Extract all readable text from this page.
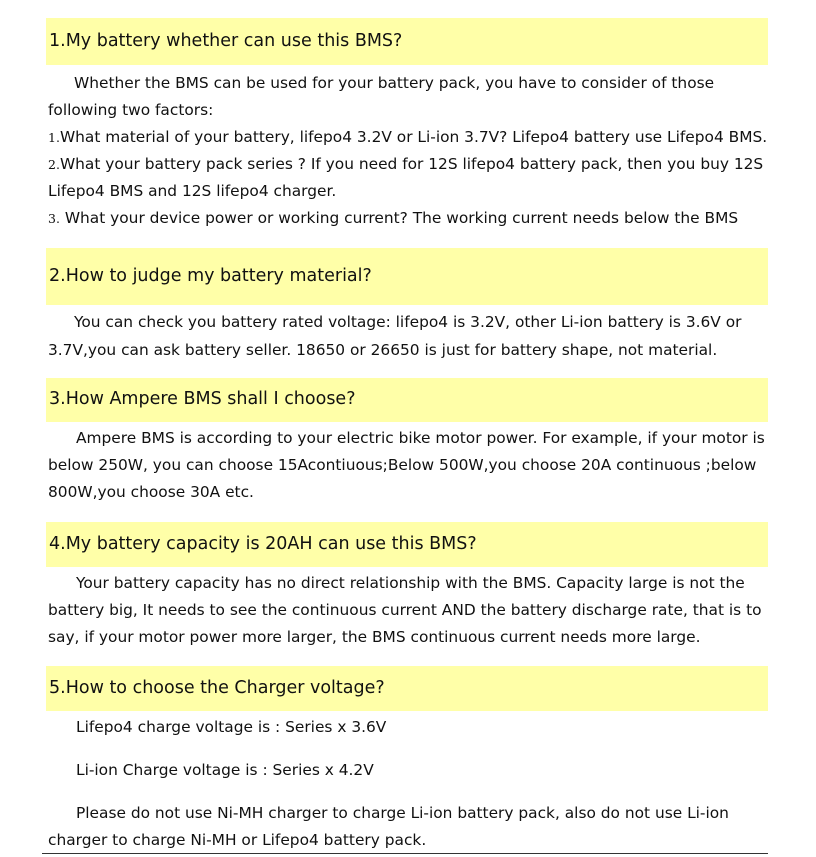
1.My battery whether can use this BMS?
Whether the BMS can be used for your battery pack, you have to consider of those
following two factors:
1.What material of your battery, lifepo4 3.2V or Li-ion 3.7V? Lifepo4 battery use Lifepo4 BMS.
2.What your battery pack series ? If you need for 12S lifepo4 battery pack, then you buy 12S
Lifepo4 BMS and 12S lifepo4 charger.
3. What your device power or working current? The working current needs below the BMS
2.How to judge my battery material?
You can check you battery rated voltage: lifepo4 is 3.2V, other Li-ion battery is 3.6V or
3.7V,you can ask battery seller. 18650 or 26650 is just for battery shape, not material.
3.How Ampere BMS shall I choose?
Ampere BMS is according to your electric bike motor power. For example, if your motor is
below 250W, you can choose 15Acontiuous;Below 500W,you choose 20A continuous ;below
800W,you choose 30A etc.
4.My battery capacity is 20AH can use this BMS?
Your battery capacity has no direct relationship with the BMS. Capacity large is not the
battery big, It needs to see the continuous current AND the battery discharge rate, that is to
say, if your motor power more larger, the BMS continuous current needs more large.
5.How to choose the Charger voltage?
Lifepo4 charge voltage is : Series x 3.6V
Li-ion Charge voltage is : Series x 4.2V
Please do not use Ni-MH charger to charge Li-ion battery pack, also do not use Li-ion
charger to charge Ni-MH or Lifepo4 battery pack.
